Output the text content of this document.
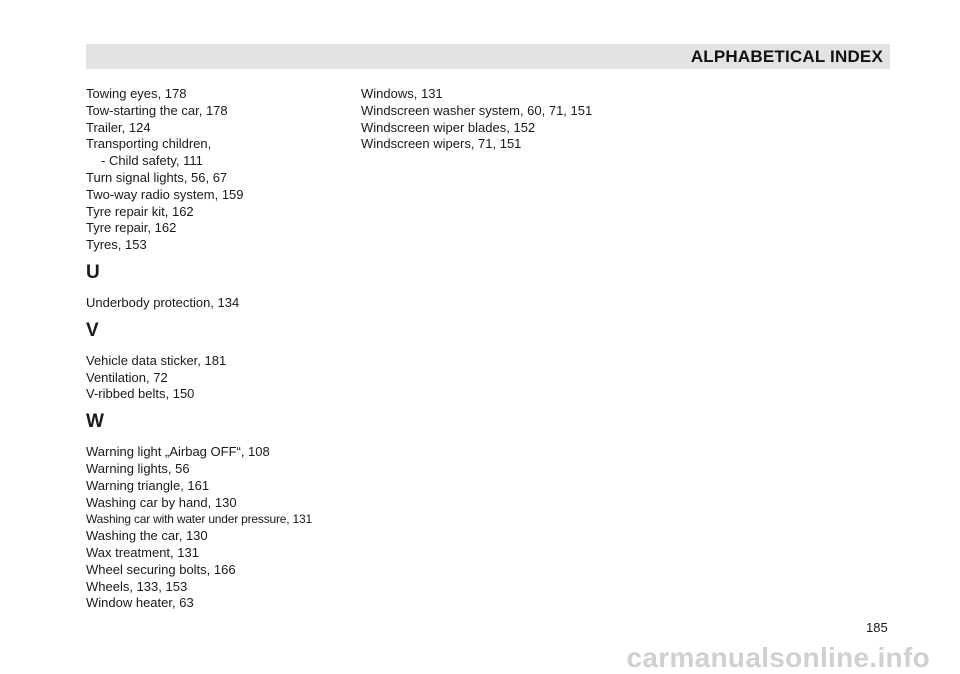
ALPHABETICAL INDEX
Towing eyes, 178
Tow-starting the car, 178
Trailer, 124
Transporting children,
- Child safety, 111
Turn signal lights, 56, 67
Two-way radio system, 159
Tyre repair kit, 162
Tyre repair, 162
Tyres, 153
U
Underbody protection, 134
V
Vehicle data sticker, 181
Ventilation, 72
V-ribbed belts, 150
W
Warning light „Airbag OFF“, 108
Warning lights, 56
Warning triangle, 161
Washing car by hand, 130
Washing car with water under pressure, 131
Washing the car, 130
Wax treatment, 131
Wheel securing bolts, 166
Wheels, 133, 153
Window heater, 63
Windows, 131
Windscreen washer system, 60, 71, 151
Windscreen wiper blades, 152
Windscreen wipers, 71, 151
185
carmanualsonline.info
